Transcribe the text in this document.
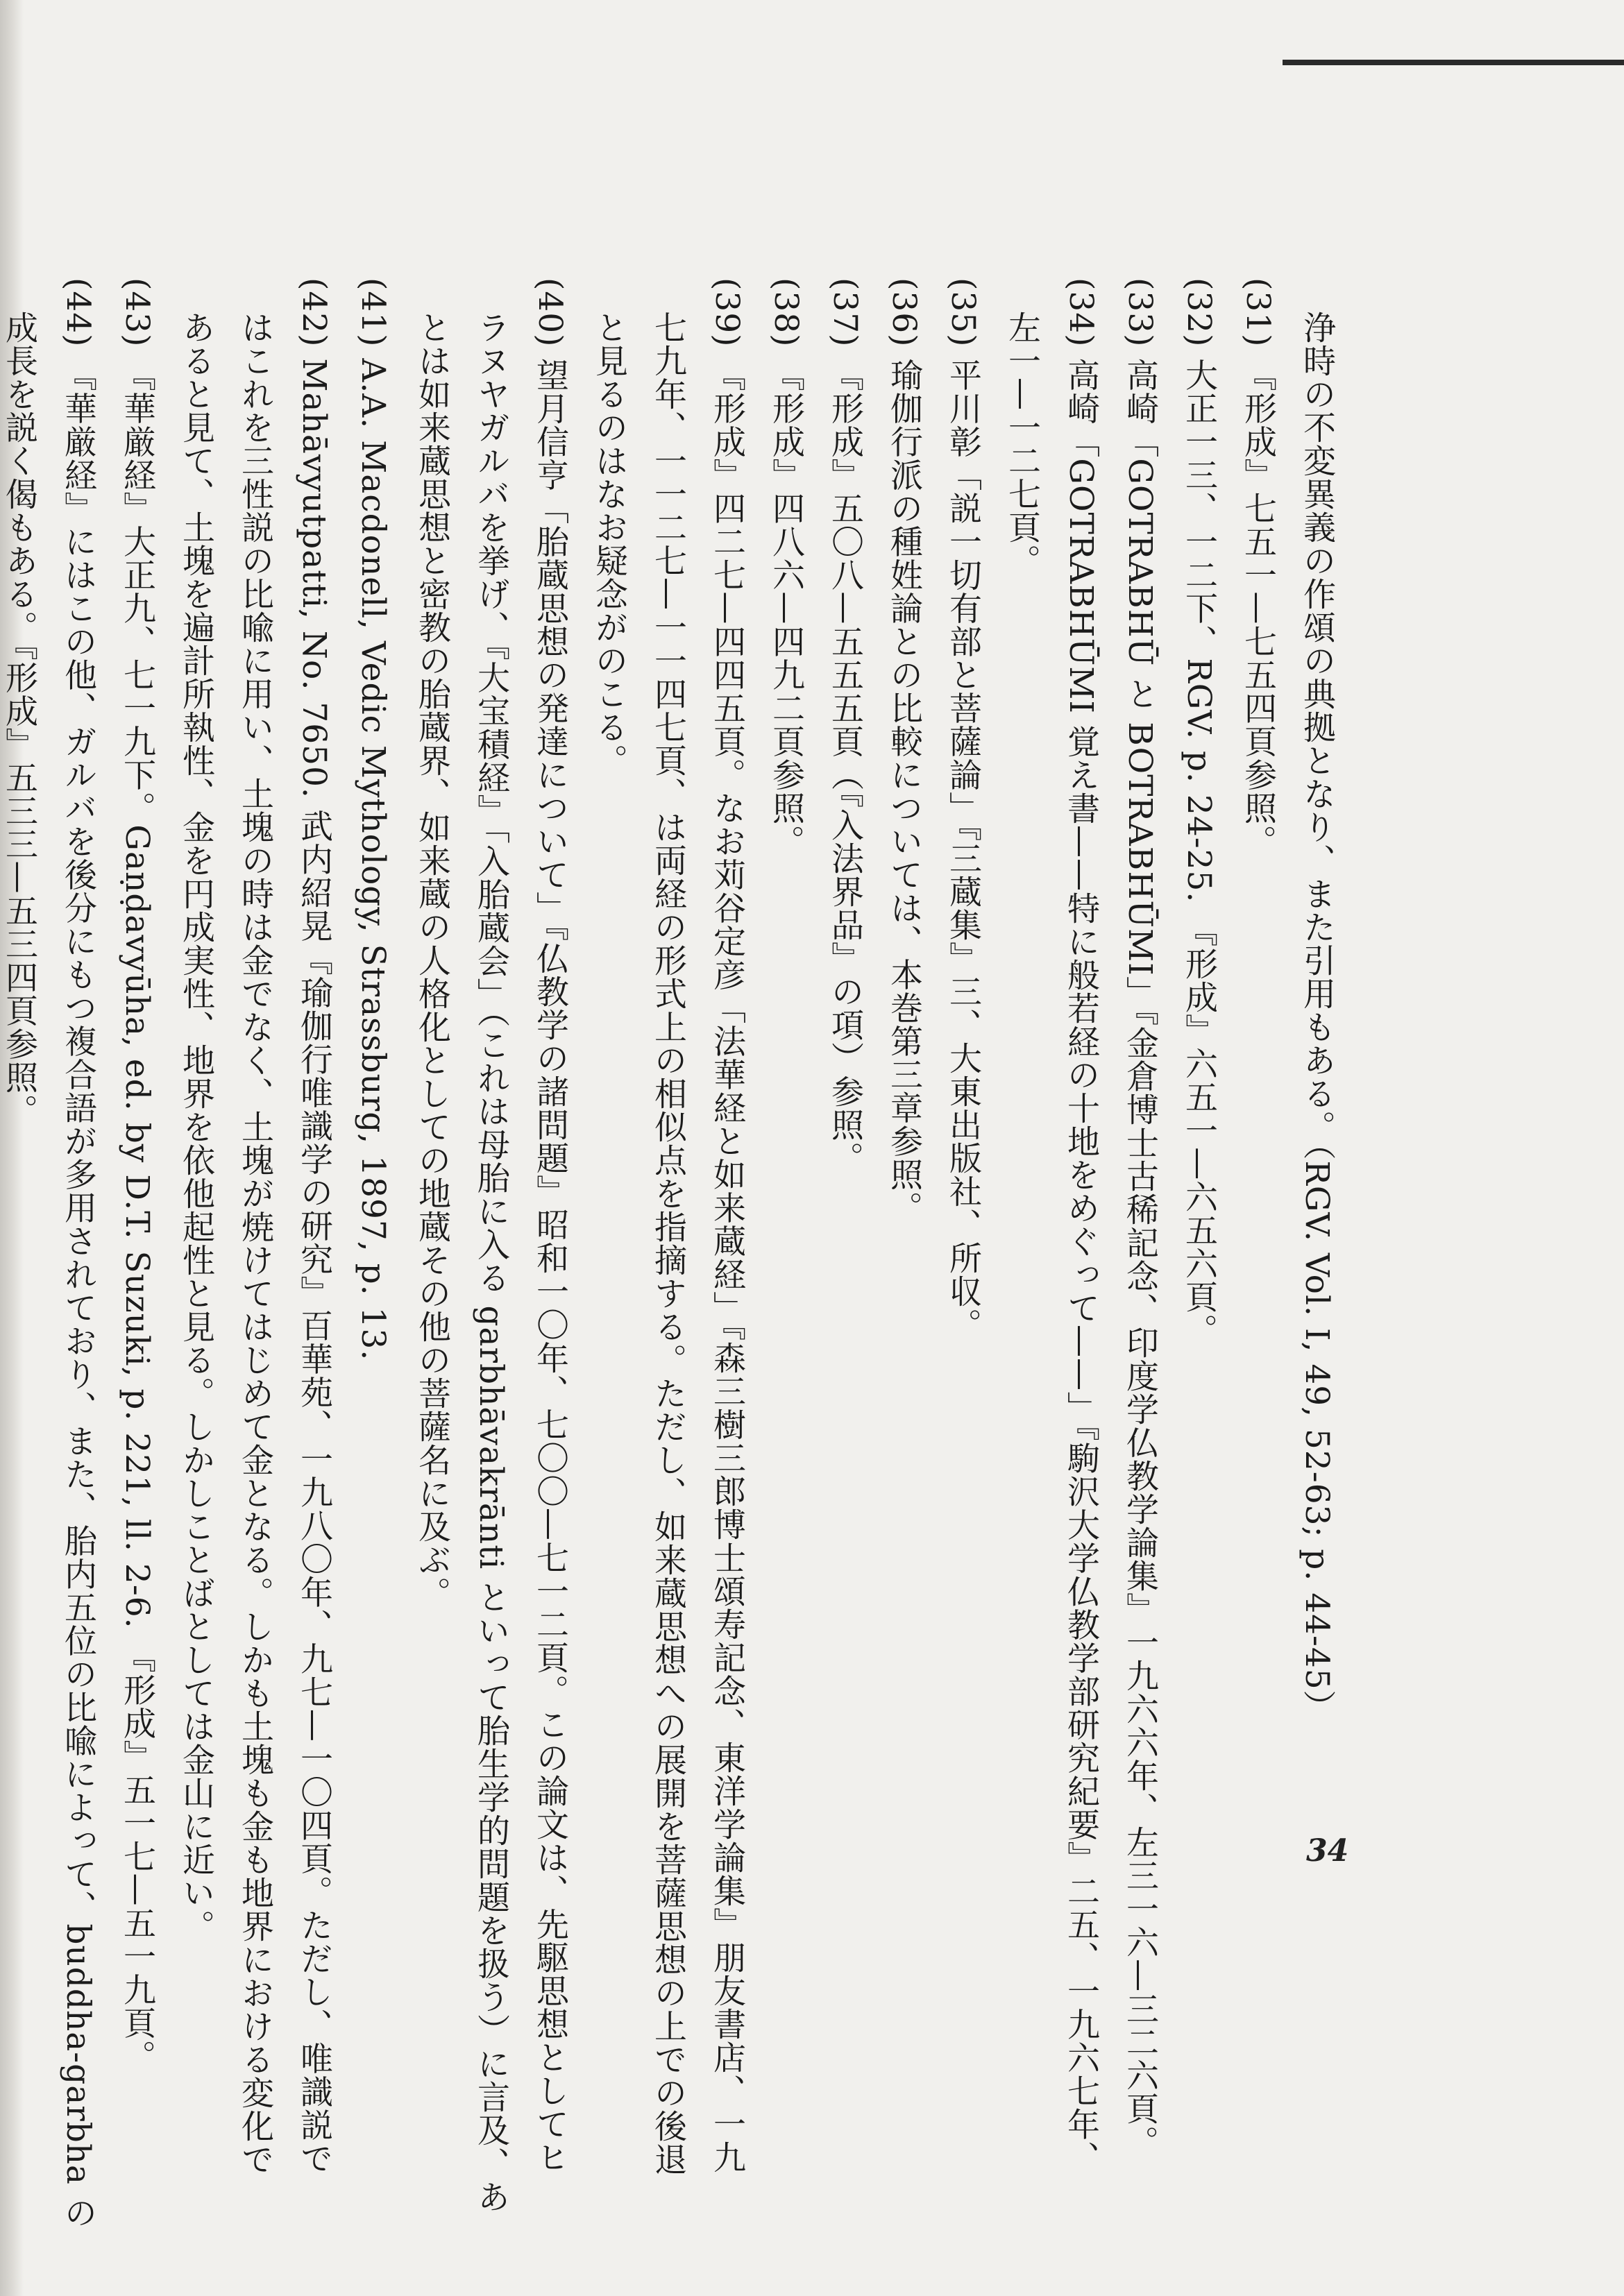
浄時の不変異義の作頌の典拠となり、また引用もある。（RGV. Vol. I, 49, 52-63; p. 44-45）
(31) 『形成』七五一—七五四頁参照。
(32) 大正一三、一二下、RGV. p. 24-25. 『形成』六五一—六五六頁。
(33) 高崎「GOTRABHŪ と BOTRABHŪMI」『金倉博士古稀記念、印度学仏教学論集』一九六六年、左三一六—三二六頁。
(34) 高崎「GOTRABHŪMI 覚え書——特に般若経の十地をめぐって——」『駒沢大学仏教学部研究紀要』二五、一九六七年、
左一—一二七頁。
(35) 平川彰「説一切有部と菩薩論」『三蔵集』三、大東出版社、所収。
(36) 瑜伽行派の種姓論との比較については、本巻第三章参照。
(37) 『形成』五〇八—五五五頁（『入法界品』の項）参照。
(38) 『形成』四八六—四九二頁参照。
(39) 『形成』四二七—四四五頁。なお苅谷定彦「法華経と如来蔵経」『森三樹三郎博士頌寿記念、東洋学論集』朋友書店、一九
七九年、一一二七—一一四七頁、は両経の形式上の相似点を指摘する。ただし、如来蔵思想への展開を菩薩思想の上での後退
と見るのはなお疑念がのこる。
(40) 望月信亨「胎蔵思想の発達について」『仏教学の諸問題』昭和一〇年、七〇〇—七一二頁。この論文は、先駆思想としてヒ
ラヌヤガルバを挙げ、『大宝積経』「入胎蔵会」（これは母胎に入る garbhāvakrānti といって胎生学的問題を扱う）に言及、あ
とは如来蔵思想と密教の胎蔵界、如来蔵の人格化としての地蔵その他の菩薩名に及ぶ。
(41) A.A. Macdonell, Vedic Mythology, Strassburg, 1897, p. 13.
(42) Mahāvyutpatti, No. 7650. 武内紹晃『瑜伽行唯識学の研究』百華苑、一九八〇年、九七—一〇四頁。ただし、唯識説で
はこれを三性説の比喩に用い、土塊の時は金でなく、土塊が焼けてはじめて金となる。しかも土塊も金も地界における変化で
あると見て、土塊を遍計所執性、金を円成実性、地界を依他起性と見る。しかしことばとしては金山に近い。
(43) 『華厳経』大正九、七一九下。Gaṇḍavyūha, ed. by D.T. Suzuki, p. 221, ll. 2-6. 『形成』五一七—五一九頁。
(44) 『華厳経』にはこの他、ガルバを後分にもつ複合語が多用されており、また、胎内五位の比喩によって、buddha-garbha の
成長を説く偈もある。『形成』五三三—五三四頁参照。
34
